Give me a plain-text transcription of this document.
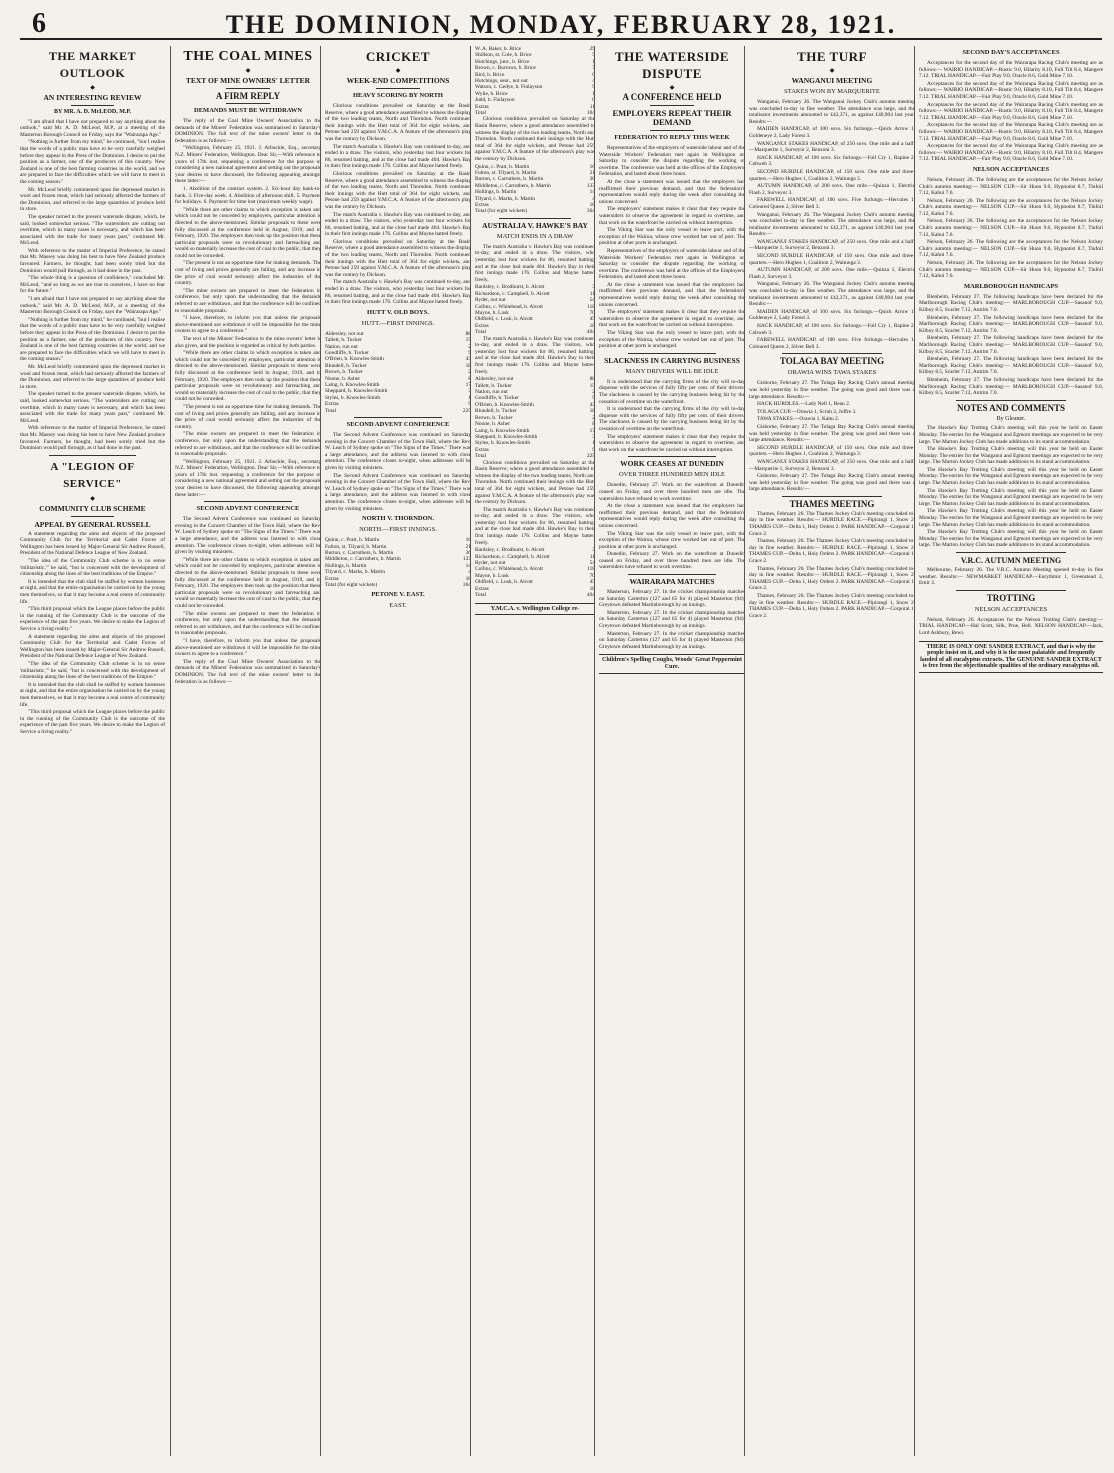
6	THE DOMINION, MONDAY, FEBRUARY 28, 1921.
THE MARKET OUTLOOK
◆
AN INTERESTING REVIEW
BY MR. A. D. McLEOD, M.P.

"I am afraid that I have not prepared to say anything about the outlook," said Mr. A. D. McLeod, M.P., at a meeting of the Masterton Borough Council on Friday, says the "Wairarapa Age."

"Nothing is further from my mind," he continued, "but I realise that the words of a public man have to be very carefully weighed before they appear in the Press of the Dominion. I desire to put the position as a farmer, one of the producers of this country. New Zealand is one of the best farming countries in the world, and we are prepared to face the difficulties which we will have to meet in the coming season."

Mr. McLeod briefly commented upon the depressed market in wool and frozen meat, which had seriously affected the farmers of the Dominion, and referred to the large quantities of produce held in store.

The speaker turned to the present waterside dispute, which, he said, looked somewhat serious. "The watersiders are cutting out overtime, which in many cases is necessary, and which has been associated with the trade for many years past," continued Mr. McLeod.

With reference to the matter of Imperial Preference, he stated that Mr. Massey was doing his best to have New Zealand produce favoured. Farmers, he thought, had been sorely tried but the Dominion would pull through, as it had done in the past.

"The whole thing is a question of confidence," concluded Mr. McLeod, "and so long as we are true to ourselves, I have no fear for the future."

"I am afraid that I have not prepared to say anything about the outlook," said Mr. A. D. McLeod, M.P., at a meeting of the Masterton Borough Council on Friday, says the "Wairarapa Age."

"Nothing is further from my mind," he continued, "but I realise that the words of a public man have to be very carefully weighed before they appear in the Press of the Dominion. I desire to put the position as a farmer, one of the producers of this country. New Zealand is one of the best farming countries in the world, and we are prepared to face the difficulties which we will have to meet in the coming season."

Mr. McLeod briefly commented upon the depressed market in wool and frozen meat, which had seriously affected the farmers of the Dominion, and referred to the large quantities of produce held in store.

The speaker turned to the present waterside dispute, which, he said, looked somewhat serious. "The watersiders are cutting out overtime, which in many cases is necessary, and which has been associated with the trade for many years past," continued Mr. McLeod.

With reference to the matter of Imperial Preference, he stated that Mr. Massey was doing his best to have New Zealand produce favoured. Farmers, he thought, had been sorely tried but the Dominion would pull through, as it had done in the past.

A "LEGION OF SERVICE"
◆
COMMUNITY CLUB SCHEME
APPEAL BY GENERAL RUSSELL

A statement regarding the aims and objects of the proposed Community Club for the Territorial and Cadet Forces of Wellington has been issued by Major-General Sir Andrew Russell, President of the National Defence League of New Zealand.

"The idea of the Community Club scheme is in no sense 'militaristic,'" he said, "but is concerned with the development of citizenship along the lines of the best traditions of the Empire."

It is intended that the club shall be staffed by women hostesses at night, and that the entire organisation be carried on by the young men themselves, so that it may become a real centre of community life.

"This third proposal which the League places before the public in the running of the Community Club is the outcome of the experience of the past five years. We desire to make the Legion of Service a living reality."

A statement regarding the aims and objects of the proposed Community Club for the Territorial and Cadet Forces of Wellington has been issued by Major-General Sir Andrew Russell, President of the National Defence League of New Zealand.

"The idea of the Community Club scheme is in no sense 'militaristic,'" he said, "but is concerned with the development of citizenship along the lines of the best traditions of the Empire."

It is intended that the club shall be staffed by women hostesses at night, and that the entire organisation be carried on by the young men themselves, so that it may become a real centre of community life.

"This third proposal which the League places before the public in the running of the Community Club is the outcome of the experience of the past five years. We desire to make the Legion of Service a living reality."

THE COAL MINES
◆
TEXT OF MINE OWNERS' LETTER
A FIRM REPLY
DEMANDS MUST BE WITHDRAWN

The reply of the Coal Mine Owners' Association to the demands of the Miners' Federation was summarised in Saturday's DOMINION. The full text of the mine owners' letter to the federation is as follows:—

"Wellington, February 25, 1921. J. Arbuckle, Esq., secretary N.Z. Miners' Federation, Wellington. Dear Sir,—With reference to yours of 17th inst. requesting a conference for the purpose of considering a new national agreement and setting out the proposals your desires to have discussed, the following appearing amongst these latter:—

1. Abolition of the contract system. 2. Six-hour day bank-to-bank. 3. Five-day week. 4. Abolition of afternoon shift. 5. Payment for holidays. 6. Payment for time lost (maximum weekly wage).

"While there are other claims to which exception is taken and which could not be conceded by employers, particular attention is directed to the above-mentioned. Similar proposals to these were fully discussed at the conference held in August, 1919, and in February, 1920. The employers then took up the position that these particular proposals were so revolutionary and farreaching and would so materially increase the cost of coal to the public, that they could not be conceded.

"The present is not an opportune time for making demands. The cost of living and prices generally are falling, and any increase in the price of coal would seriously affect the industries of the country.

"The mine owners are prepared to meet the federation in conference, but only upon the understanding that the demands referred to are withdrawn, and that the conference will be confined to reasonable proposals.

"I have, therefore, to inform you that unless the proposals above-mentioned are withdrawn it will be impossible for the mine owners to agree to a conference."

The text of the Miners' Federation to the mine owners' letter is also given, and the position is regarded as critical by both parties.

"While there are other claims to which exception is taken and which could not be conceded by employers, particular attention is directed to the above-mentioned. Similar proposals to these were fully discussed at the conference held in August, 1919, and in February, 1920. The employers then took up the position that these particular proposals were so revolutionary and farreaching and would so materially increase the cost of coal to the public, that they could not be conceded.

"The present is not an opportune time for making demands. The cost of living and prices generally are falling, and any increase in the price of coal would seriously affect the industries of the country.

"The mine owners are prepared to meet the federation in conference, but only upon the understanding that the demands referred to are withdrawn, and that the conference will be confined to reasonable proposals.

"Wellington, February 25, 1921. J. Arbuckle, Esq., secretary N.Z. Miners' Federation, Wellington. Dear Sir,—With reference to yours of 17th inst. requesting a conference for the purpose of considering a new national agreement and setting out the proposals your desires to have discussed, the following appearing amongst these latter:—

SECOND ADVENT CONFERENCE

The Second Advent Conference was continued on Saturday evening in the Concert Chamber of the Town Hall, where the Rev. W. Leach of Sydney spoke on "The Signs of the Times." There was a large attendance, and the address was listened to with close attention. The conference closes to-night, when addresses will be given by visiting ministers.

"While there are other claims to which exception is taken and which could not be conceded by employers, particular attention is directed to the above-mentioned. Similar proposals to these were fully discussed at the conference held in August, 1919, and in February, 1920. The employers then took up the position that these particular proposals were so revolutionary and farreaching and would so materially increase the cost of coal to the public, that they could not be conceded.

"The mine owners are prepared to meet the federation in conference, but only upon the understanding that the demands referred to are withdrawn, and that the conference will be confined to reasonable proposals.

"I have, therefore, to inform you that unless the proposals above-mentioned are withdrawn it will be impossible for the mine owners to agree to a conference."

The reply of the Coal Mine Owners' Association to the demands of the Miners' Federation was summarised in Saturday's DOMINION. The full text of the mine owners' letter to the federation is as follows:—

CRICKET
◆
WEEK-END COMPETITIONS
HEAVY SCORING BY NORTH

Glorious conditions prevailed on Saturday at the Basin Reserve, where a good attendance assembled to witness the display of the two leading teams, North and Thorndon. North continued their innings with the Hutt total of 364 for eight wickets, and Petone had 259 against Y.M.C.A. A feature of the afternoon's play was the century by Dickson.

The match Australia v. Hawke's Bay was continued to-day, and ended in a draw. The visitors, who yesterday lost four wickets for 86, resumed batting, and at the close had made 404. Hawke's Bay in their first innings made 176. Collins and Mayne batted freely.

Glorious conditions prevailed on Saturday at the Basin Reserve, where a good attendance assembled to witness the display of the two leading teams, North and Thorndon. North continued their innings with the Hutt total of 364 for eight wickets, and Petone had 259 against Y.M.C.A. A feature of the afternoon's play was the century by Dickson.

The match Australia v. Hawke's Bay was continued to-day, and ended in a draw. The visitors, who yesterday lost four wickets for 86, resumed batting, and at the close had made 404. Hawke's Bay in their first innings made 176. Collins and Mayne batted freely.

Glorious conditions prevailed on Saturday at the Basin Reserve, where a good attendance assembled to witness the display of the two leading teams, North and Thorndon. North continued their innings with the Hutt total of 364 for eight wickets, and Petone had 259 against Y.M.C.A. A feature of the afternoon's play was the century by Dickson.

The match Australia v. Hawke's Bay was continued to-day, and ended in a draw. The visitors, who yesterday lost four wickets for 86, resumed batting, and at the close had made 404. Hawke's Bay in their first innings made 176. Collins and Mayne batted freely.

HUTT V. OLD BOYS.
HUTT.—FIRST INNINGS.
Aldersley, not out	88
Tallett, b. Tucker	15
Nation, run out	2
Goodliffe, b. Tucker	9
O'Brien, b. Knowles-Smith	43
Blundell, b. Tucker	18
Brown, b. Tucker	2
Noone, b. Asher	8
Laing, b. Knowles-Smith	17
Sheppard, b. Knowles-Smith	3
Styles, b. Knowles-Smith	1
Extras	9
Total	225
SECOND ADVENT CONFERENCE

The Second Advent Conference was continued on Saturday evening in the Concert Chamber of the Town Hall, where the Rev. W. Leach of Sydney spoke on "The Signs of the Times." There was a large attendance, and the address was listened to with close attention. The conference closes to-night, when addresses will be given by visiting ministers.

The Second Advent Conference was continued on Saturday evening in the Concert Chamber of the Town Hall, where the Rev. W. Leach of Sydney spoke on "The Signs of the Times." There was a large attendance, and the address was listened to with close attention. The conference closes to-night, when addresses will be given by visiting ministers.

NORTH V. THORNDON.
NORTH.—FIRST INNINGS.
Quinn, c. Pratt, b. Martin	16
Fulton, st. Tilyard, b. Martin	21
Burton, c. Carruthers, b. Martin	36
Middleton, c. Carruthers, b. Martin	133
Hollings, b. Martin	14
Tilyard, c. Marks, b. Martin	4
Extras	18
Total (for eight wickets)	364
PETONE V. EAST.
EAST.
W. A. Baker, b. Brice	29
Shillson, st. Cole, b. Brice	5
Hutchings, junr., b. Brice	1
Brown, c. Burrows, b. Brice	7
Bird, b. Brice	0
Hutchings, senr., not out	4
Watson, c. Gedye, b. Finlayson	9
Wylie, b. Brice	1
Judd, b. Finlayson	0
Extras	11
Total	104

Glorious conditions prevailed on Saturday at the Basin Reserve, where a good attendance assembled to witness the display of the two leading teams, North and Thorndon. North continued their innings with the Hutt total of 364 for eight wickets, and Petone had 259 against Y.M.C.A. A feature of the afternoon's play was the century by Dickson.

Quinn, c. Pratt, b. Martin	16
Fulton, st. Tilyard, b. Martin	21
Burton, c. Carruthers, b. Martin	36
Middleton, c. Carruthers, b. Martin	133
Hollings, b. Martin	14
Tilyard, c. Marks, b. Martin	4
Extras	18
Total (for eight wickets)	364
AUSTRALIA V. HAWKE'S BAY
MATCH ENDS IN A DRAW

The match Australia v. Hawke's Bay was continued to-day, and ended in a draw. The visitors, who yesterday lost four wickets for 86, resumed batting, and at the close had made 404. Hawke's Bay in their first innings made 176. Collins and Mayne batted freely.

Bardsley, c. Brodhurst, b. Alcott	3
Richardson, c. Campbell, b. Alcott	11
Ryder, not out	54
Collins, c. Whitehead, b. Alcott	118
Mayne, b. Lusk	70
Oldfield, c. Lusk, b. Alcott	45
Extras	18
Total	404

The match Australia v. Hawke's Bay was continued to-day, and ended in a draw. The visitors, who yesterday lost four wickets for 86, resumed batting, and at the close had made 404. Hawke's Bay in their first innings made 176. Collins and Mayne batted freely.

Aldersley, not out	88
Tallett, b. Tucker	15
Nation, run out	2
Goodliffe, b. Tucker	9
O'Brien, b. Knowles-Smith	43
Blundell, b. Tucker	18
Brown, b. Tucker	2
Noone, b. Asher	8
Laing, b. Knowles-Smith	17
Sheppard, b. Knowles-Smith	3
Styles, b. Knowles-Smith	1
Extras	9
Total	225

Glorious conditions prevailed on Saturday at the Basin Reserve, where a good attendance assembled to witness the display of the two leading teams, North and Thorndon. North continued their innings with the Hutt total of 364 for eight wickets, and Petone had 259 against Y.M.C.A. A feature of the afternoon's play was the century by Dickson.

The match Australia v. Hawke's Bay was continued to-day, and ended in a draw. The visitors, who yesterday lost four wickets for 86, resumed batting, and at the close had made 404. Hawke's Bay in their first innings made 176. Collins and Mayne batted freely.

Bardsley, c. Brodhurst, b. Alcott	3
Richardson, c. Campbell, b. Alcott	11
Ryder, not out	54
Collins, c. Whitehead, b. Alcott	118
Mayne, b. Lusk	70
Oldfield, c. Lusk, b. Alcott	45
Extras	18
Total	404
Y.M.C.A. v. Wellington College re-
THE WATERSIDE DISPUTE
◆
A CONFERENCE HELD
EMPLOYERS REPEAT THEIR DEMAND
FEDERATION TO REPLY THIS WEEK

Representatives of the employers of waterside labour and of the Waterside Workers' Federation met again in Wellington on Saturday to consider the dispute regarding the working of overtime. The conference was held at the offices of the Employers' Federation, and lasted about three hours.

At the close a statement was issued that the employers had reaffirmed their previous demand, and that the federation's representatives would reply during the week after consulting the unions concerned.

The employers' statement makes it clear that they require the watersiders to observe the agreement in regard to overtime, and that work on the waterfront be carried on without interruption.

The Viking Star was the only vessel to leave port, with the exception of the Wairoa, whose crew worked her out of port. The position at other ports is unchanged.

Representatives of the employers of waterside labour and of the Waterside Workers' Federation met again in Wellington on Saturday to consider the dispute regarding the working of overtime. The conference was held at the offices of the Employers' Federation, and lasted about three hours.

At the close a statement was issued that the employers had reaffirmed their previous demand, and that the federation's representatives would reply during the week after consulting the unions concerned.

The employers' statement makes it clear that they require the watersiders to observe the agreement in regard to overtime, and that work on the waterfront be carried on without interruption.

The Viking Star was the only vessel to leave port, with the exception of the Wairoa, whose crew worked her out of port. The position at other ports is unchanged.

SLACKNESS IN CARRYING BUSINESS
MANY DRIVERS WILL BE IDLE

It is understood that the carrying firms of the city will to-day dispense with the services of fully fifty per cent. of their drivers. The slackness is caused by the carrying business being hit by the cessation of overtime on the waterfront.

It is understood that the carrying firms of the city will to-day dispense with the services of fully fifty per cent. of their drivers. The slackness is caused by the carrying business being hit by the cessation of overtime on the waterfront.

The employers' statement makes it clear that they require the watersiders to observe the agreement in regard to overtime, and that work on the waterfront be carried on without interruption.

WORK CEASES AT DUNEDIN
OVER THREE HUNDRED MEN IDLE

Dunedin, February 27. Work on the waterfront at Dunedin ceased on Friday, and over three hundred men are idle. The watersiders have refused to work overtime.

At the close a statement was issued that the employers had reaffirmed their previous demand, and that the federation's representatives would reply during the week after consulting the unions concerned.

The Viking Star was the only vessel to leave port, with the exception of the Wairoa, whose crew worked her out of port. The position at other ports is unchanged.

Dunedin, February 27. Work on the waterfront at Dunedin ceased on Friday, and over three hundred men are idle. The watersiders have refused to work overtime.

WAIRARAPA MATCHES

Masterton, February 27. In the cricket championship matches on Saturday Carterton (127 and 65 for 4) played Masterton (94). Greytown defeated Martinborough by an innings.

Masterton, February 27. In the cricket championship matches on Saturday Carterton (127 and 65 for 4) played Masterton (94). Greytown defeated Martinborough by an innings.

Masterton, February 27. In the cricket championship matches on Saturday Carterton (127 and 65 for 4) played Masterton (94). Greytown defeated Martinborough by an innings.

Children's Spelling Coughs, Woods' Great Peppermint Cure.
THE TURF
◆
WANGANUI MEETING
STAKES WON BY MARQUERITE

Wanganui, February 26. The Wanganui Jockey Club's autumn meeting was concluded to-day in fine weather. The attendance was large, and the totalisator investments amounted to £42,371, as against £40,904 last year. Results:—

MAIDEN HANDICAP, of 100 sovs. Six furlongs.—Quick Arrow 1, Goldeneye 2, Lady Forest 3.

WANGANUI STAKES HANDICAP, of 250 sovs. One mile and a half.—Marquerite 1, Surveyor 2, Benzoni 3.

HACK HANDICAP, of 100 sovs. Six furlongs.—Full Cry 1, Rapine 2, Cobweb 3.

SECOND HURDLE HANDICAP, of 150 sovs. One mile and three-quarters.—Hero Hughes 1, Coalition 2, Waitunga 3.

AUTUMN HANDICAP, of 200 sovs. One mile.—Quinza 1, Electric Flash 2, Surveyor 3.

FAREWELL HANDICAP, of 100 sovs. Five furlongs.—Hercules 1, Coloured Queen 2, Silver Bell 3.

Wanganui, February 26. The Wanganui Jockey Club's autumn meeting was concluded to-day in fine weather. The attendance was large, and the totalisator investments amounted to £42,371, as against £40,904 last year. Results:—

WANGANUI STAKES HANDICAP, of 250 sovs. One mile and a half.—Marquerite 1, Surveyor 2, Benzoni 3.

SECOND HURDLE HANDICAP, of 150 sovs. One mile and three-quarters.—Hero Hughes 1, Coalition 2, Waitunga 3.

AUTUMN HANDICAP, of 200 sovs. One mile.—Quinza 1, Electric Flash 2, Surveyor 3.

Wanganui, February 26. The Wanganui Jockey Club's autumn meeting was concluded to-day in fine weather. The attendance was large, and the totalisator investments amounted to £42,371, as against £40,904 last year. Results:—

MAIDEN HANDICAP, of 100 sovs. Six furlongs.—Quick Arrow 1, Goldeneye 2, Lady Forest 3.

HACK HANDICAP, of 100 sovs. Six furlongs.—Full Cry 1, Rapine 2, Cobweb 3.

FAREWELL HANDICAP, of 100 sovs. Five furlongs.—Hercules 1, Coloured Queen 2, Silver Bell 3.

TOLAGA BAY MEETING
ORAWIA WINS TAWA STAKES

Gisborne, February 27. The Tolaga Bay Racing Club's annual meeting was held yesterday in fine weather. The going was good and there was a large attendance. Results:—

HACK HURDLES.—Lady Nell 1, Beau 2.

TOLAGA CUP.—Orawia 1, Scrub 2, Joffre 3.

TAWA STAKES.—Orawia 1, Kahu 2.

Gisborne, February 27. The Tolaga Bay Racing Club's annual meeting was held yesterday in fine weather. The going was good and there was a large attendance. Results:—

SECOND HURDLE HANDICAP, of 150 sovs. One mile and three-quarters.—Hero Hughes 1, Coalition 2, Waitunga 3.

WANGANUI STAKES HANDICAP, of 250 sovs. One mile and a half.—Marquerite 1, Surveyor 2, Benzoni 3.

Gisborne, February 27. The Tolaga Bay Racing Club's annual meeting was held yesterday in fine weather. The going was good and there was a large attendance. Results:—

THAMES MEETING

Thames, February 26. The Thames Jockey Club's meeting concluded to-day in fine weather. Results:— HURDLE RACE.—Pipirangi 1, Snow 2. THAMES CUP.—Delta 1, Holy Orders 2. PARK HANDICAP.—Corporal 1, Grace 2.

Thames, February 26. The Thames Jockey Club's meeting concluded to-day in fine weather. Results:— HURDLE RACE.—Pipirangi 1, Snow 2. THAMES CUP.—Delta 1, Holy Orders 2. PARK HANDICAP.—Corporal 1, Grace 2.

Thames, February 26. The Thames Jockey Club's meeting concluded to-day in fine weather. Results:— HURDLE RACE.—Pipirangi 1, Snow 2. THAMES CUP.—Delta 1, Holy Orders 2. PARK HANDICAP.—Corporal 1, Grace 2.

Thames, February 26. The Thames Jockey Club's meeting concluded to-day in fine weather. Results:— HURDLE RACE.—Pipirangi 1, Snow 2. THAMES CUP.—Delta 1, Holy Orders 2. PARK HANDICAP.—Corporal 1, Grace 2.

SECOND DAY'S ACCEPTANCES

Acceptances for the second day of the Wairarapa Racing Club's meeting are as follows:— WAIRIO HANDICAP.—Rustic 9.0, Hilarity 8.10, Full Tilt 8.4, Mangere 7.12. TRIAL HANDICAP.—Fair Play 9.0, Oracle 8.6, Gold Mine 7.10.

Acceptances for the second day of the Wairarapa Racing Club's meeting are as follows:— WAIRIO HANDICAP.—Rustic 9.0, Hilarity 8.10, Full Tilt 8.4, Mangere 7.12. TRIAL HANDICAP.—Fair Play 9.0, Oracle 8.6, Gold Mine 7.10.

Acceptances for the second day of the Wairarapa Racing Club's meeting are as follows:— WAIRIO HANDICAP.—Rustic 9.0, Hilarity 8.10, Full Tilt 8.4, Mangere 7.12. TRIAL HANDICAP.—Fair Play 9.0, Oracle 8.6, Gold Mine 7.10.

Acceptances for the second day of the Wairarapa Racing Club's meeting are as follows:— WAIRIO HANDICAP.—Rustic 9.0, Hilarity 8.10, Full Tilt 8.4, Mangere 7.12. TRIAL HANDICAP.—Fair Play 9.0, Oracle 8.6, Gold Mine 7.10.

Acceptances for the second day of the Wairarapa Racing Club's meeting are as follows:— WAIRIO HANDICAP.—Rustic 9.0, Hilarity 8.10, Full Tilt 8.4, Mangere 7.12. TRIAL HANDICAP.—Fair Play 9.0, Oracle 8.6, Gold Mine 7.10.

NELSON ACCEPTANCES

Nelson, February 26. The following are the acceptances for the Nelson Jockey Club's autumn meeting:— NELSON CUP.—Sir Huon 9.0, Hypnotist 8.7, Tinfoil 7.12, Kahui 7.6.

Nelson, February 26. The following are the acceptances for the Nelson Jockey Club's autumn meeting:— NELSON CUP.—Sir Huon 9.0, Hypnotist 8.7, Tinfoil 7.12, Kahui 7.6.

Nelson, February 26. The following are the acceptances for the Nelson Jockey Club's autumn meeting:— NELSON CUP.—Sir Huon 9.0, Hypnotist 8.7, Tinfoil 7.12, Kahui 7.6.

Nelson, February 26. The following are the acceptances for the Nelson Jockey Club's autumn meeting:— NELSON CUP.—Sir Huon 9.0, Hypnotist 8.7, Tinfoil 7.12, Kahui 7.6.

Nelson, February 26. The following are the acceptances for the Nelson Jockey Club's autumn meeting:— NELSON CUP.—Sir Huon 9.0, Hypnotist 8.7, Tinfoil 7.12, Kahui 7.6.

MARLBOROUGH HANDICAPS

Blenheim, February 27. The following handicaps have been declared for the Marlborough Racing Club's meeting:— MARLBOROUGH CUP.—Sasanof 9.0, Kilboy 8.5, Scarlet 7.12, Antrim 7.0.

Blenheim, February 27. The following handicaps have been declared for the Marlborough Racing Club's meeting:— MARLBOROUGH CUP.—Sasanof 9.0, Kilboy 8.5, Scarlet 7.12, Antrim 7.0.

Blenheim, February 27. The following handicaps have been declared for the Marlborough Racing Club's meeting:— MARLBOROUGH CUP.—Sasanof 9.0, Kilboy 8.5, Scarlet 7.12, Antrim 7.0.

Blenheim, February 27. The following handicaps have been declared for the Marlborough Racing Club's meeting:— MARLBOROUGH CUP.—Sasanof 9.0, Kilboy 8.5, Scarlet 7.12, Antrim 7.0.

Blenheim, February 27. The following handicaps have been declared for the Marlborough Racing Club's meeting:— MARLBOROUGH CUP.—Sasanof 9.0, Kilboy 8.5, Scarlet 7.12, Antrim 7.0.

NOTES AND COMMENTS
By Gleaner.

The Hawke's Bay Trotting Club's meeting will this year be held on Easter Monday. The entries for the Wanganui and Egmont meetings are expected to be very large. The Marton Jockey Club has made additions to its stand accommodation.

The Hawke's Bay Trotting Club's meeting will this year be held on Easter Monday. The entries for the Wanganui and Egmont meetings are expected to be very large. The Marton Jockey Club has made additions to its stand accommodation.

The Hawke's Bay Trotting Club's meeting will this year be held on Easter Monday. The entries for the Wanganui and Egmont meetings are expected to be very large. The Marton Jockey Club has made additions to its stand accommodation.

The Hawke's Bay Trotting Club's meeting will this year be held on Easter Monday. The entries for the Wanganui and Egmont meetings are expected to be very large. The Marton Jockey Club has made additions to its stand accommodation.

The Hawke's Bay Trotting Club's meeting will this year be held on Easter Monday. The entries for the Wanganui and Egmont meetings are expected to be very large. The Marton Jockey Club has made additions to its stand accommodation.

The Hawke's Bay Trotting Club's meeting will this year be held on Easter Monday. The entries for the Wanganui and Egmont meetings are expected to be very large. The Marton Jockey Club has made additions to its stand accommodation.

V.R.C. AUTUMN MEETING

Melbourne, February 26. The V.R.C. Autumn Meeting opened to-day in fine weather. Results:— NEWMARKET HANDICAP.—Eurythmic 1, Greenstead 2, Emir 3.

TROTTING
NELSON ACCEPTANCES

Nelson, February 26. Acceptances for the Nelson Trotting Club's meeting:— TRIAL HANDICAP.—Hal Scott, Silk, Prue, Bell. NELSON HANDICAP.—Jack, Lord Ashbury, Rewi.

THERE IS ONLY ONE SANDER EXTRACT, and that is why the people insist on it, and why it is the most palatable and frequently lauded of all eucalyptus extracts. The GENUINE SANDER EXTRACT is free from the objectionable qualities of the ordinary eucalyptus oil.
